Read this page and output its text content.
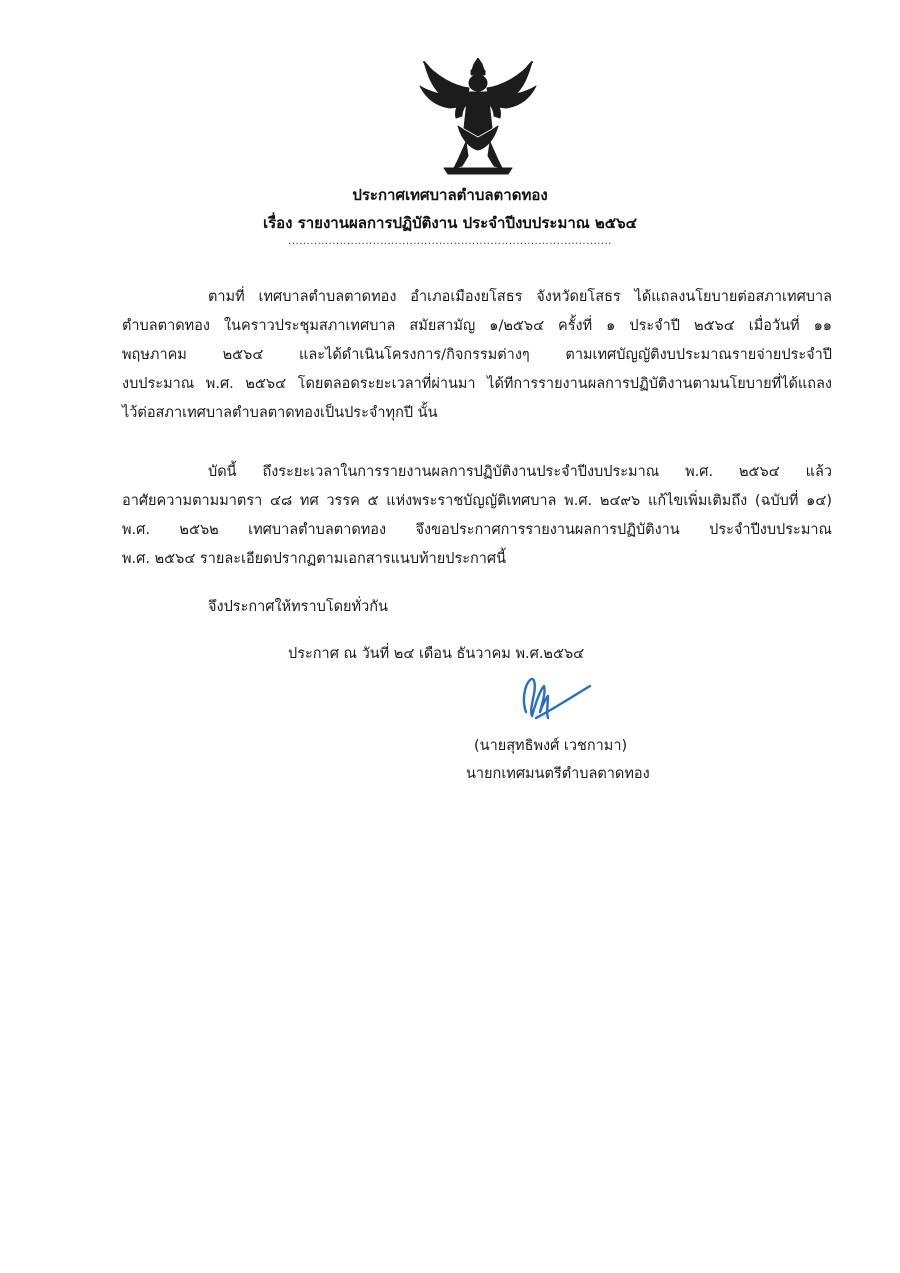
ประกาศเทศบาลตำบลตาดทอง
เรื่อง รายงานผลการปฏิบัติงาน ประจำปีงบประมาณ ๒๕๖๔
........................................................................................
ตามที่ เทศบาลตำบลตาดทอง อำเภอเมืองยโสธร จังหวัดยโสธร ได้แถลงนโยบายต่อสภาเทศบาล
ตำบลตาดทอง ในคราวประชุมสภาเทศบาล สมัยสามัญ ๑/๒๕๖๔ ครั้งที่ ๑ ประจำปี ๒๕๖๔ เมื่อวันที่ ๑๑
พฤษภาคม ๒๕๖๔ และได้ดำเนินโครงการ/กิจกรรมต่างๆ ตามเทศบัญญัติงบประมาณรายจ่ายประจำปี
งบประมาณ พ.ศ. ๒๕๖๔ โดยตลอดระยะเวลาที่ผ่านมา ได้ทีการรายงานผลการปฏิบัติงานตามนโยบายที่ได้แถลง
ไว้ต่อสภาเทศบาลตำบลตาดทองเป็นประจำทุกปี นั้น
บัดนี้ ถึงระยะเวลาในการรายงานผลการปฏิบัติงานประจำปีงบประมาณ พ.ศ. ๒๕๖๔ แล้ว
อาศัยความตามมาตรา ๔๘ ทศ วรรค ๕ แห่งพระราชบัญญัติเทศบาล พ.ศ. ๒๔๙๖ แก้ไขเพิ่มเติมถึง (ฉบับที่ ๑๔)
พ.ศ. ๒๕๖๒ เทศบาลตำบลตาดทอง จึงขอประกาศการรายงานผลการปฏิบัติงาน ประจำปีงบประมาณ
พ.ศ. ๒๕๖๔ รายละเอียดปรากฏตามเอกสารแนบท้ายประกาศนี้
จึงประกาศให้ทราบโดยทั่วกัน
ประกาศ ณ วันที่ ๒๔ เดือน ธันวาคม พ.ศ.๒๕๖๔
(นายสุทธิพงศ์ เวชกามา)
นายกเทศมนตรีตำบลตาดทอง
